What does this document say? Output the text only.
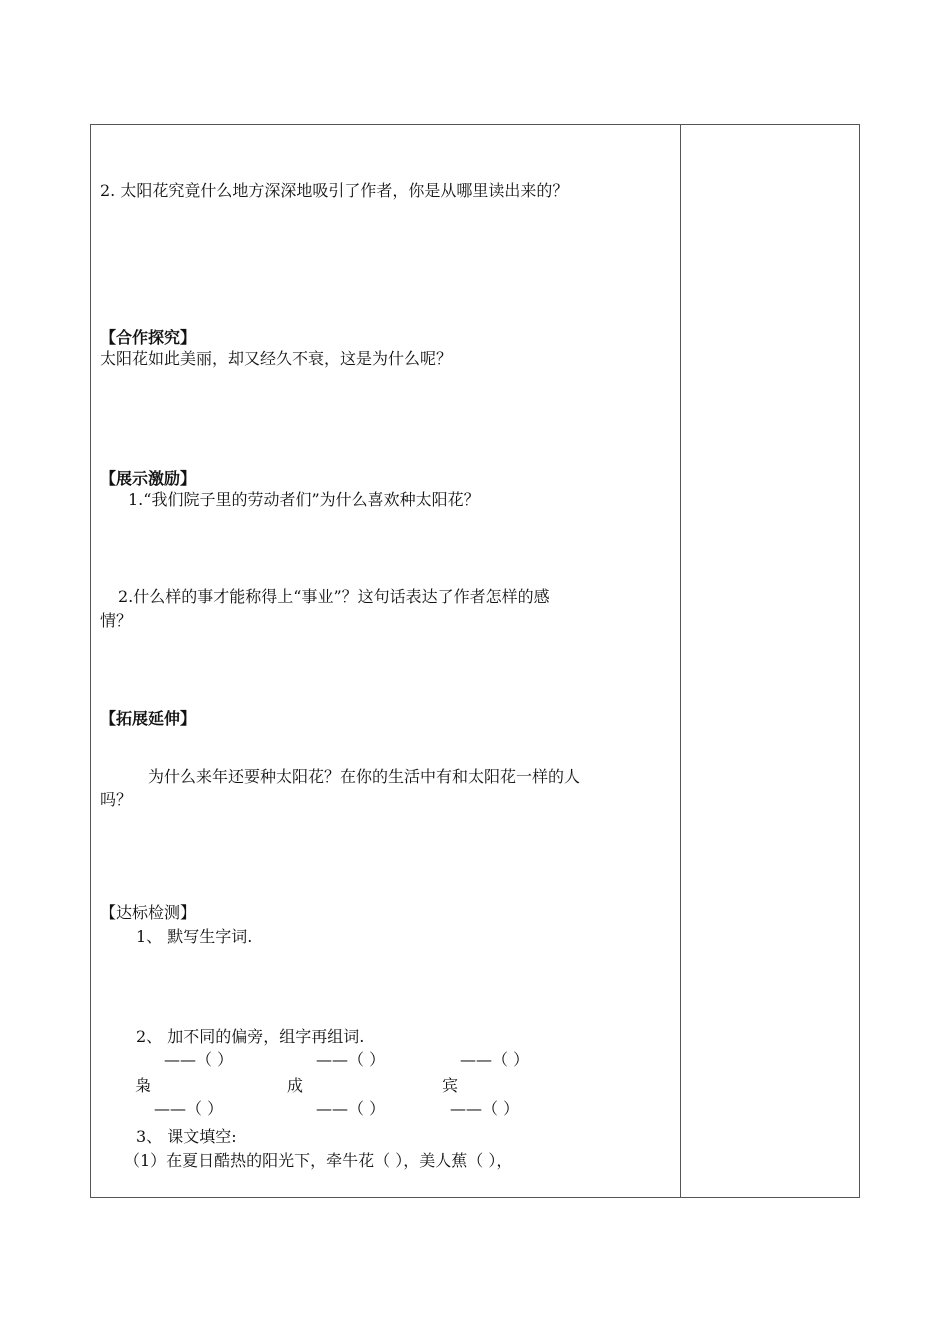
2. 太阳花究竟什么地方深深地吸引了作者，你是从哪里读出来的？
【合作探究】
太阳花如此美丽，却又经久不衰，这是为什么呢？
【展示激励】
1.“我们院子里的劳动者们”为什么喜欢种太阳花？
2.什么样的事才能称得上“事业”？这句话表达了作者怎样的感
情？
【拓展延伸】
为什么来年还要种太阳花？在你的生活中有和太阳花一样的人
吗？
【达标检测】
1、 默写生字词.
2、 加不同的偏旁，组字再组词.
——（ ）	——（ ）	——（ ）
枭	成	宾
——（ ）	——（ ）	——（ ）
3、 课文填空:
（1）在夏日酷热的阳光下，牵牛花（ ），美人蕉（ ），
